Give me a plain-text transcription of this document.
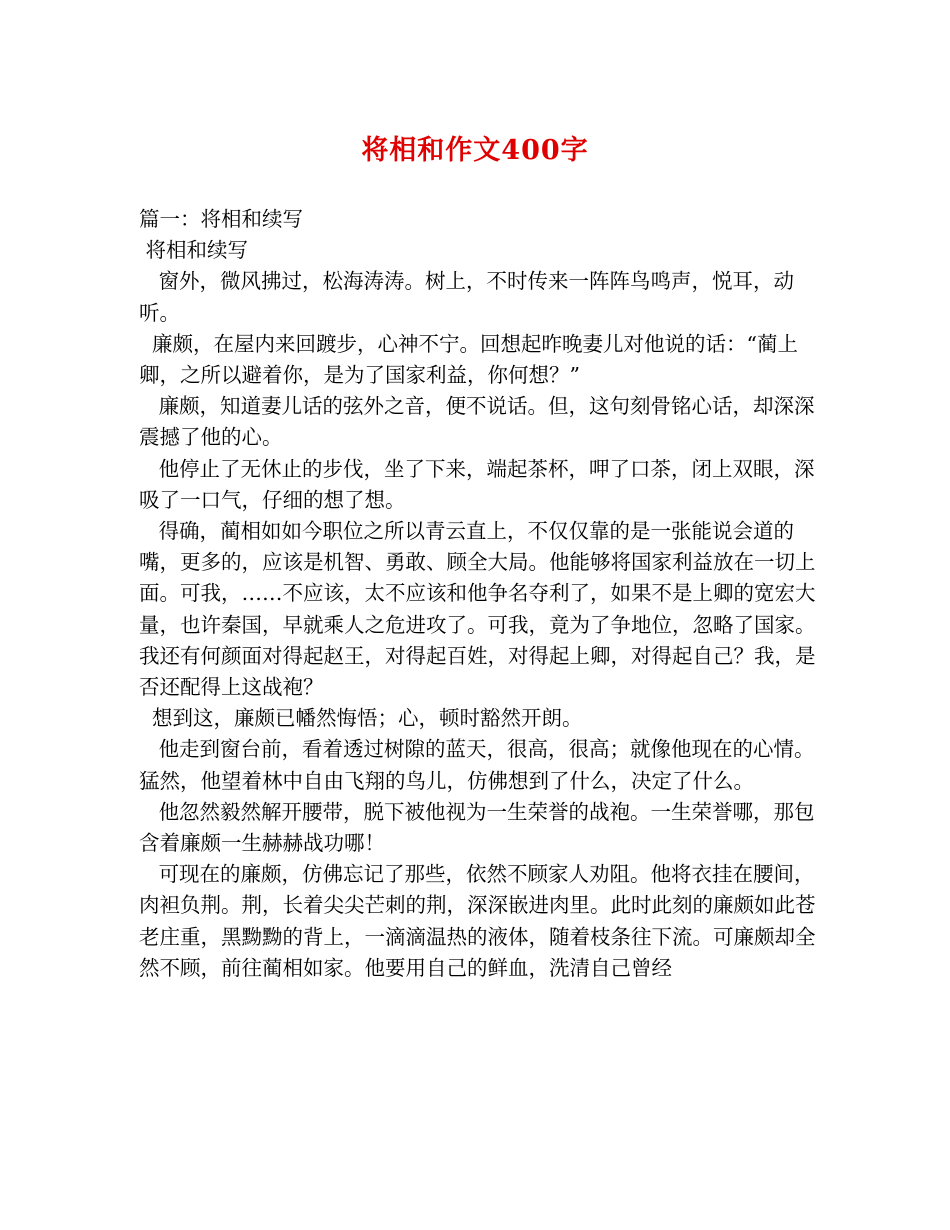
将相和作文400字

篇一：将相和续写

将相和续写

窗外，微风拂过，松海涛涛。树上，不时传来一阵阵鸟鸣声，悦耳，动听。

廉颇，在屋内来回踱步，心神不宁。回想起昨晚妻儿对他说的话：“蔺上卿，之所以避着你，是为了国家利益，你何想？”

廉颇，知道妻儿话的弦外之音，便不说话。但，这句刻骨铭心话，却深深震撼了他的心。

他停止了无休止的步伐，坐了下来，端起茶杯，呷了口茶，闭上双眼，深吸了一口气，仔细的想了想。

得确，蔺相如如今职位之所以青云直上，不仅仅靠的是一张能说会道的嘴，更多的，应该是机智、勇敢、顾全大局。他能够将国家利益放在一切上面。可我，……不应该，太不应该和他争名夺利了，如果不是上卿的宽宏大量，也许秦国，早就乘人之危进攻了。可我，竟为了争地位，忽略了国家。我还有何颜面对得起赵王，对得起百姓，对得起上卿，对得起自己？我，是否还配得上这战袍？

想到这，廉颇已幡然悔悟；心，顿时豁然开朗。

他走到窗台前，看着透过树隙的蓝天，很高，很高；就像他现在的心情。猛然，他望着林中自由飞翔的鸟儿，仿佛想到了什么，决定了什么。

他忽然毅然解开腰带，脱下被他视为一生荣誉的战袍。一生荣誉哪，那包含着廉颇一生赫赫战功哪！

可现在的廉颇，仿佛忘记了那些，依然不顾家人劝阻。他将衣挂在腰间，肉袒负荆。荆，长着尖尖芒刺的荆，深深嵌进肉里。此时此刻的廉颇如此苍老庄重，黑黝黝的背上，一滴滴温热的液体，随着枝条往下流。可廉颇却全然不顾，前往蔺相如家。他要用自己的鲜血，洗清自己曾经
